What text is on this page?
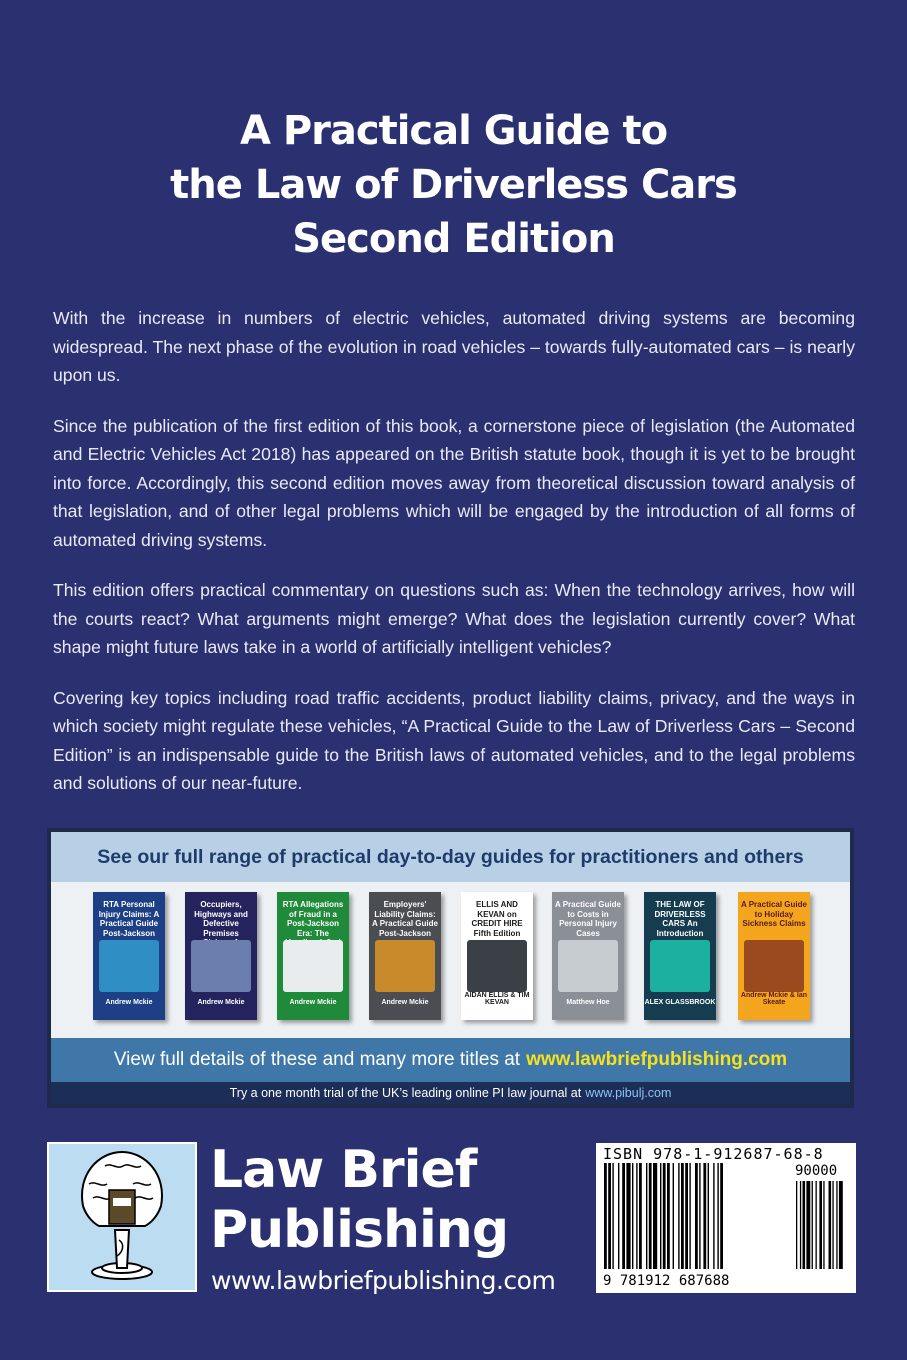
A Practical Guide to
the Law of Driverless Cars
Second Edition

With the increase in numbers of electric vehicles, automated driving systems are becoming widespread. The next phase of the evolution in road vehicles – towards fully-automated cars – is nearly upon us.

Since the publication of the first edition of this book, a cornerstone piece of legislation (the Automated and Electric Vehicles Act 2018) has appeared on the British statute book, though it is yet to be brought into force. Accordingly, this second edition moves away from theoretical discussion toward analysis of that legislation, and of other legal problems which will be engaged by the introduction of all forms of automated driving systems.

This edition offers practical commentary on questions such as: When the technology arrives, how will the courts react? What arguments might emerge? What does the legislation currently cover? What shape might future laws take in a world of artificially intelligent vehicles?

Covering key topics including road traffic accidents, product liability claims, privacy, and the ways in which society might regulate these vehicles, “A Practical Guide to the Law of Driverless Cars – Second Edition” is an indispensable guide to the British laws of automated vehicles, and to the legal problems and solutions of our near-future.

See our full range of practical day-to-day guides for practitioners and others
RTA Personal Injury Claims: A Practical Guide Post-Jackson
Andrew Mckie
Occupiers, Highways and Defective Premises
Andrew Mckie
RTA Allegations of Fraud in a Post-Jackson Era: The
Andrew Mckie
Employers' Liability Claims: A Practical Guide Post-Jackson
Andrew Mckie
ELLIS AND KEVAN on CREDIT HIRE Fifth Edition
AIDAN ELLIS & TIM KEVAN
A Practical Guide to Costs in Personal Injury Cases
Matthew Hoe
THE LAW OF DRIVERLESS CARS An Introduction
ALEX GLASSBROOK
A Practical Guide to Holiday Sickness Claims
Andrew Mckie & Ian Skeate
View full details of these and many more titles at www.lawbriefpublishing.com
Try a one month trial of the UK’s leading online PI law journal at www.pibulj.com
Law Brief
Publishing
www.lawbriefpublishing.com
ISBN 978-1-912687-68-8
90000
9 781912 687688
